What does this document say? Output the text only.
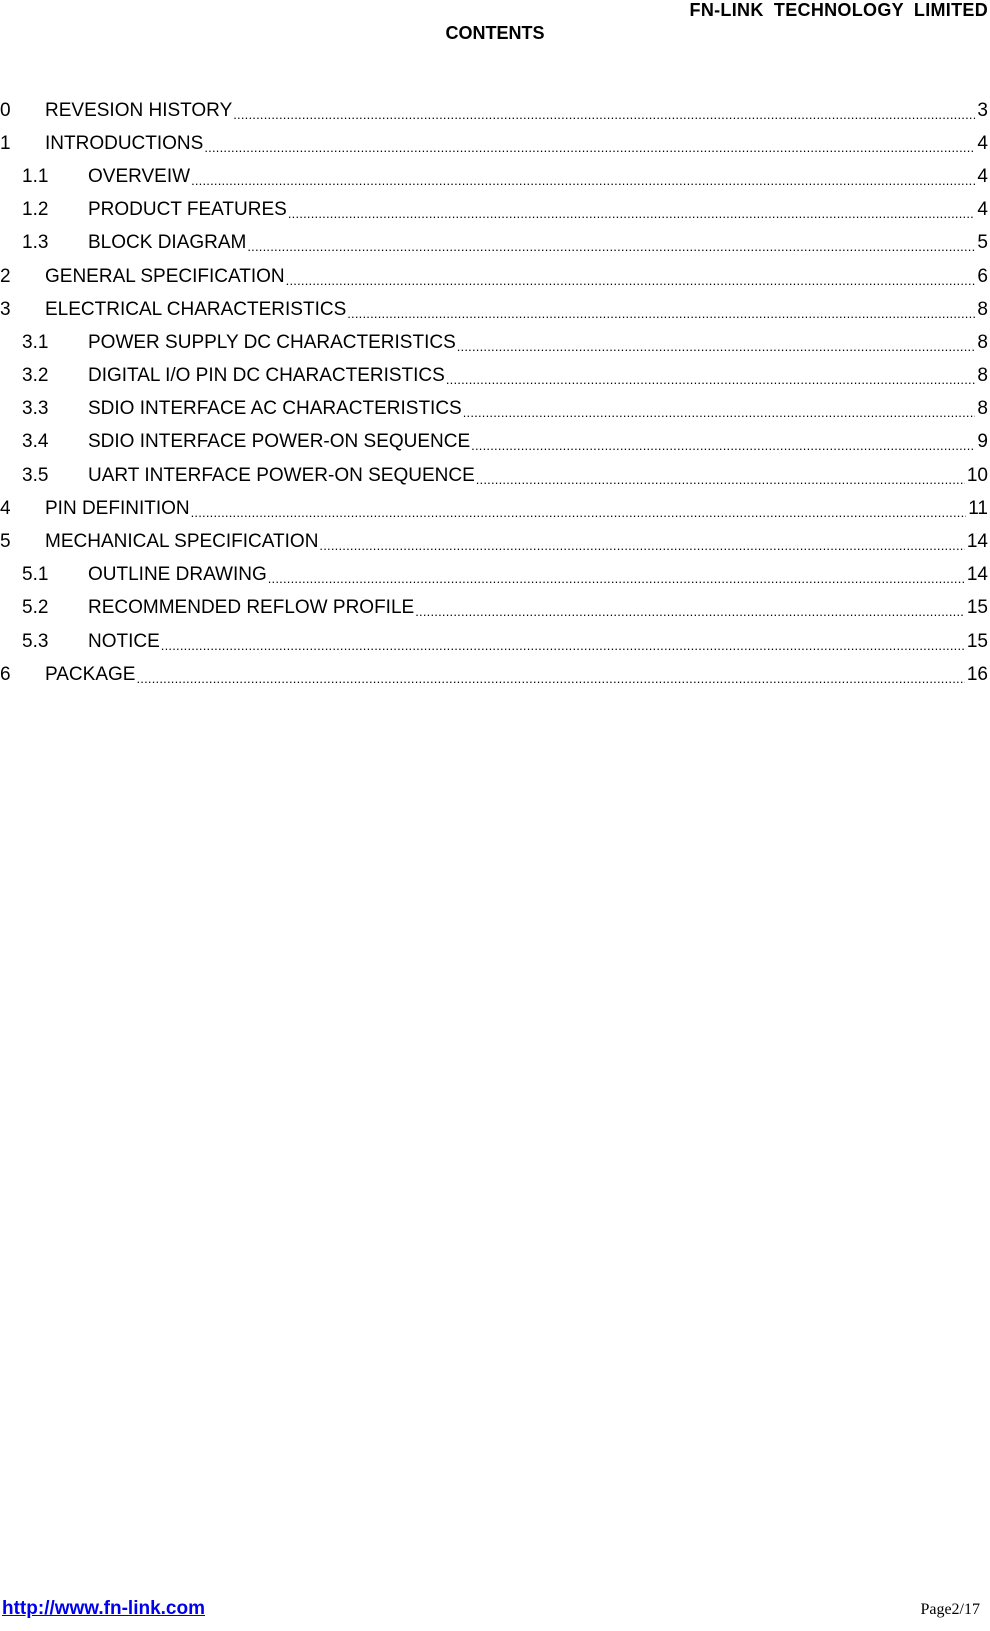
FN-LINK TECHNOLOGY LIMITED
CONTENTS
0	REVESION HISTORY .....	3
1	INTRODUCTIONS .....	4
1.1	OVERVEIW .....	4
1.2	PRODUCT FEATURES .....	4
1.3	BLOCK DIAGRAM .....	5
2	GENERAL SPECIFICATION .....	6
3	ELECTRICAL CHARACTERISTICS .....	8
3.1	POWER SUPPLY DC CHARACTERISTICS .....	8
3.2	DIGITAL I/O PIN DC CHARACTERISTICS .....	8
3.3	SDIO INTERFACE AC CHARACTERISTICS .....	8
3.4	SDIO INTERFACE POWER-ON SEQUENCE .....	9
3.5	UART INTERFACE POWER-ON SEQUENCE .....	10
4	PIN DEFINITION .....	11
5	MECHANICAL SPECIFICATION .....	14
5.1	OUTLINE DRAWING .....	14
5.2	RECOMMENDED REFLOW PROFILE .....	15
5.3	NOTICE .....	15
6	PACKAGE .....	16
http://www.fn-link.com	Page2/17
